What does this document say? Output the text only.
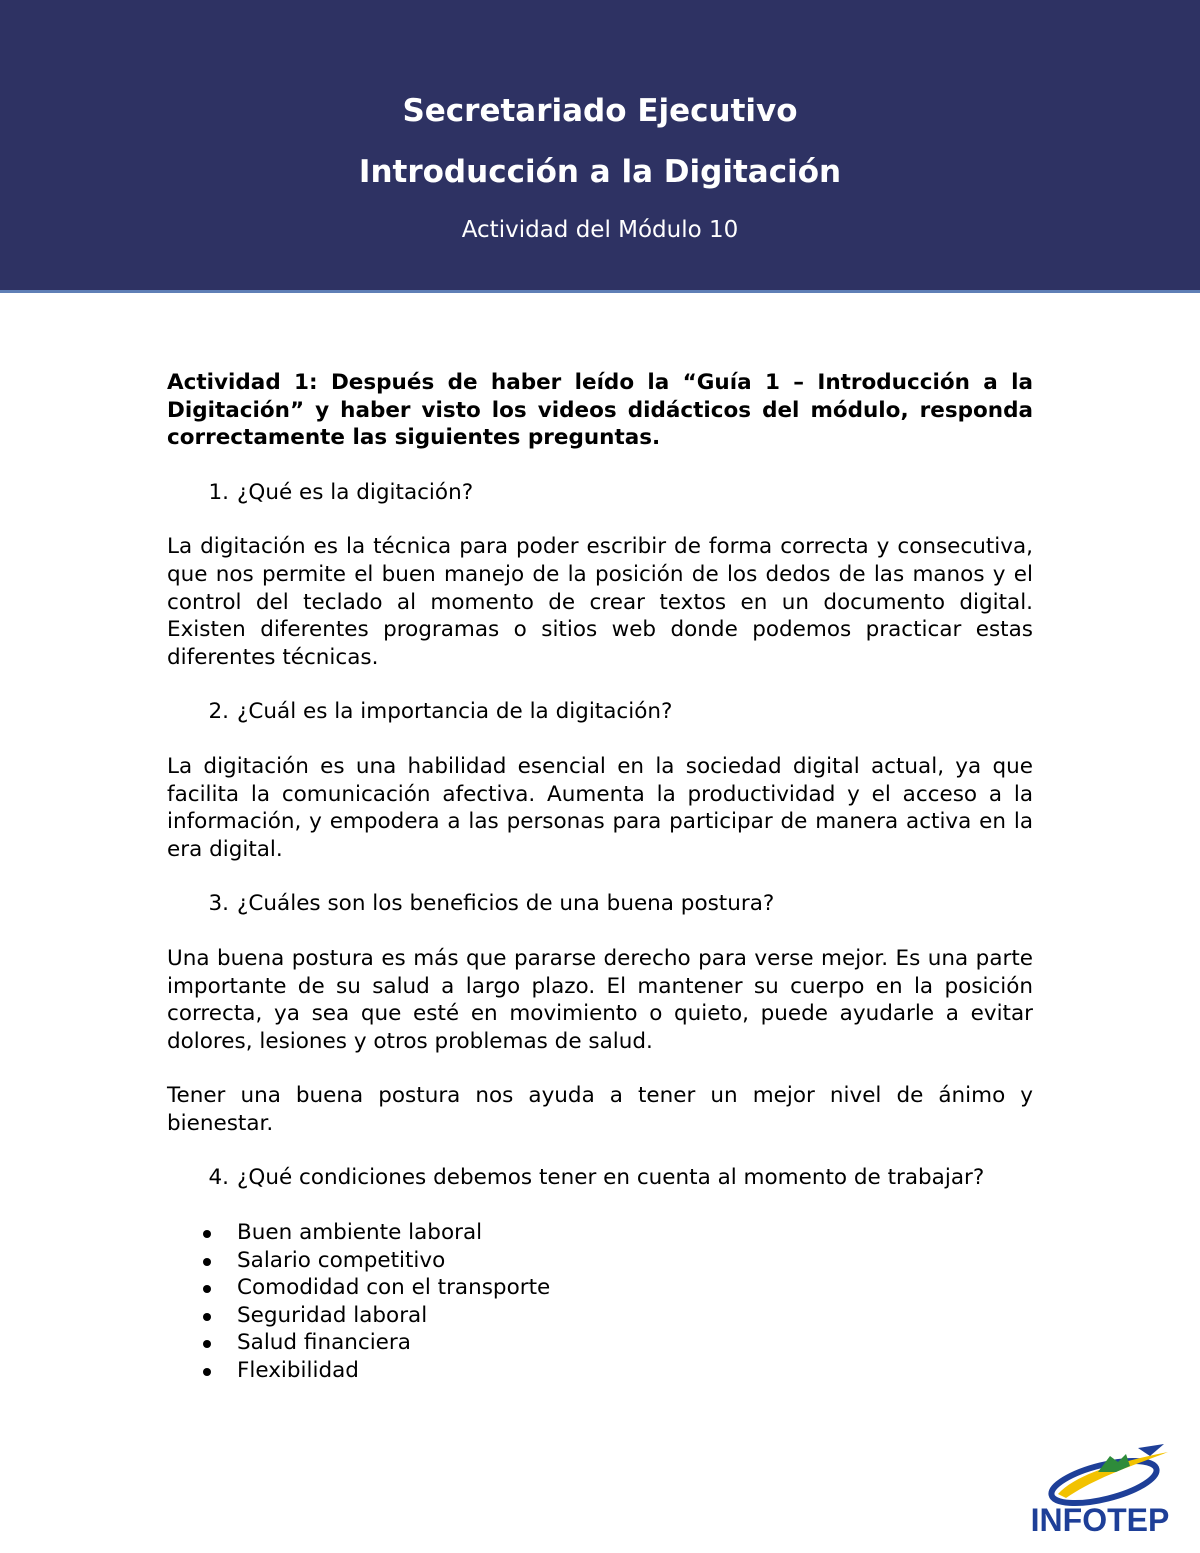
Secretariado Ejecutivo
Introducción a la Digitación
Actividad del Módulo 10

Actividad 1: Después de haber leído la “Guía 1 – Introducción a la Digitación” y haber visto los videos didácticos del módulo, responda correctamente las siguientes preguntas.

1. ¿Qué es la digitación?

La digitación es la técnica para poder escribir de forma correcta y consecutiva, que nos permite el buen manejo de la posición de los dedos de las manos y el control del teclado al momento de crear textos en un documento digital. Existen diferentes programas o sitios web donde podemos practicar estas diferentes técnicas.

2. ¿Cuál es la importancia de la digitación?

La digitación es una habilidad esencial en la sociedad digital actual, ya que facilita la comunicación afectiva. Aumenta la productividad y el acceso a la información, y empodera a las personas para participar de manera activa en la era digital.

3. ¿Cuáles son los beneficios de una buena postura?

Una buena postura es más que pararse derecho para verse mejor. Es una parte importante de su salud a largo plazo. El mantener su cuerpo en la posición correcta, ya sea que esté en movimiento o quieto, puede ayudarle a evitar dolores, lesiones y otros problemas de salud.

Tener una buena postura nos ayuda a tener un mejor nivel de ánimo y bienestar.

4. ¿Qué condiciones debemos tener en cuenta al momento de trabajar?
Buen ambiente laboral
Salario competitivo
Comodidad con el transporte
Seguridad laboral
Salud financiera
Flexibilidad
INFOTEP
